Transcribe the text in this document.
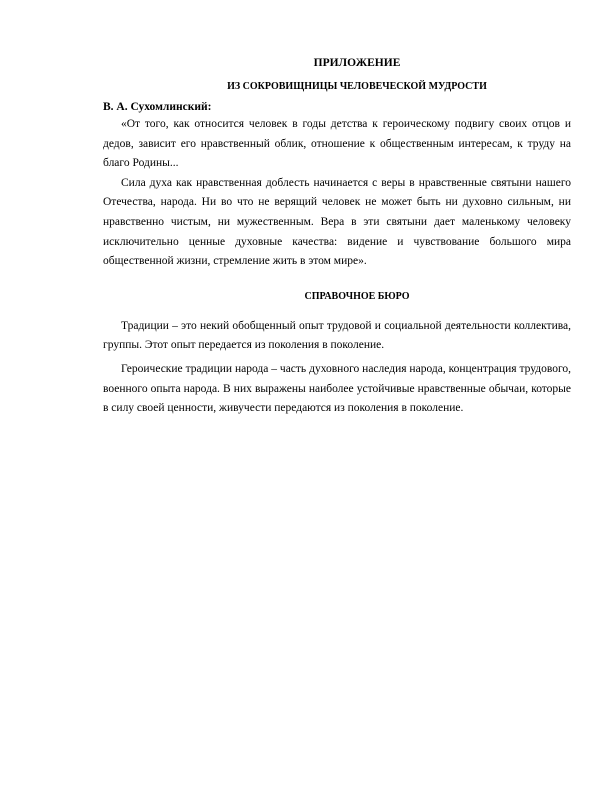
ПРИЛОЖЕНИЕ

ИЗ СОКРОВИЩНИЦЫ ЧЕЛОВЕЧЕСКОЙ МУДРОСТИ

В. А. Сухомлинский:

«От того, как относится человек в годы детства к героическому подвигу своих отцов и дедов, зависит его нравственный облик, отношение к общественным интересам, к труду на благо Родины...

Сила духа как нравственная доблесть начинается с веры в нравственные святыни нашего Отечества, народа. Ни во что не верящий человек не может быть ни духовно сильным, ни нравственно чистым, ни мужественным. Вера в эти святыни дает маленькому человеку исключительно ценные духовные качества: видение и чувствование большого мира общественной жизни, стремление жить в этом мире».

СПРАВОЧНОЕ БЮРО

Традиции – это некий обобщенный опыт трудовой и социальной деятельности коллектива, группы. Этот опыт передается из поколения в поколение.

Героические традиции народа – часть духовного наследия народа, концентрация трудового, военного опыта народа. В них выражены наиболее устойчивые нравственные обычаи, которые в силу своей ценности, живучести передаются из поколения в поколение.
